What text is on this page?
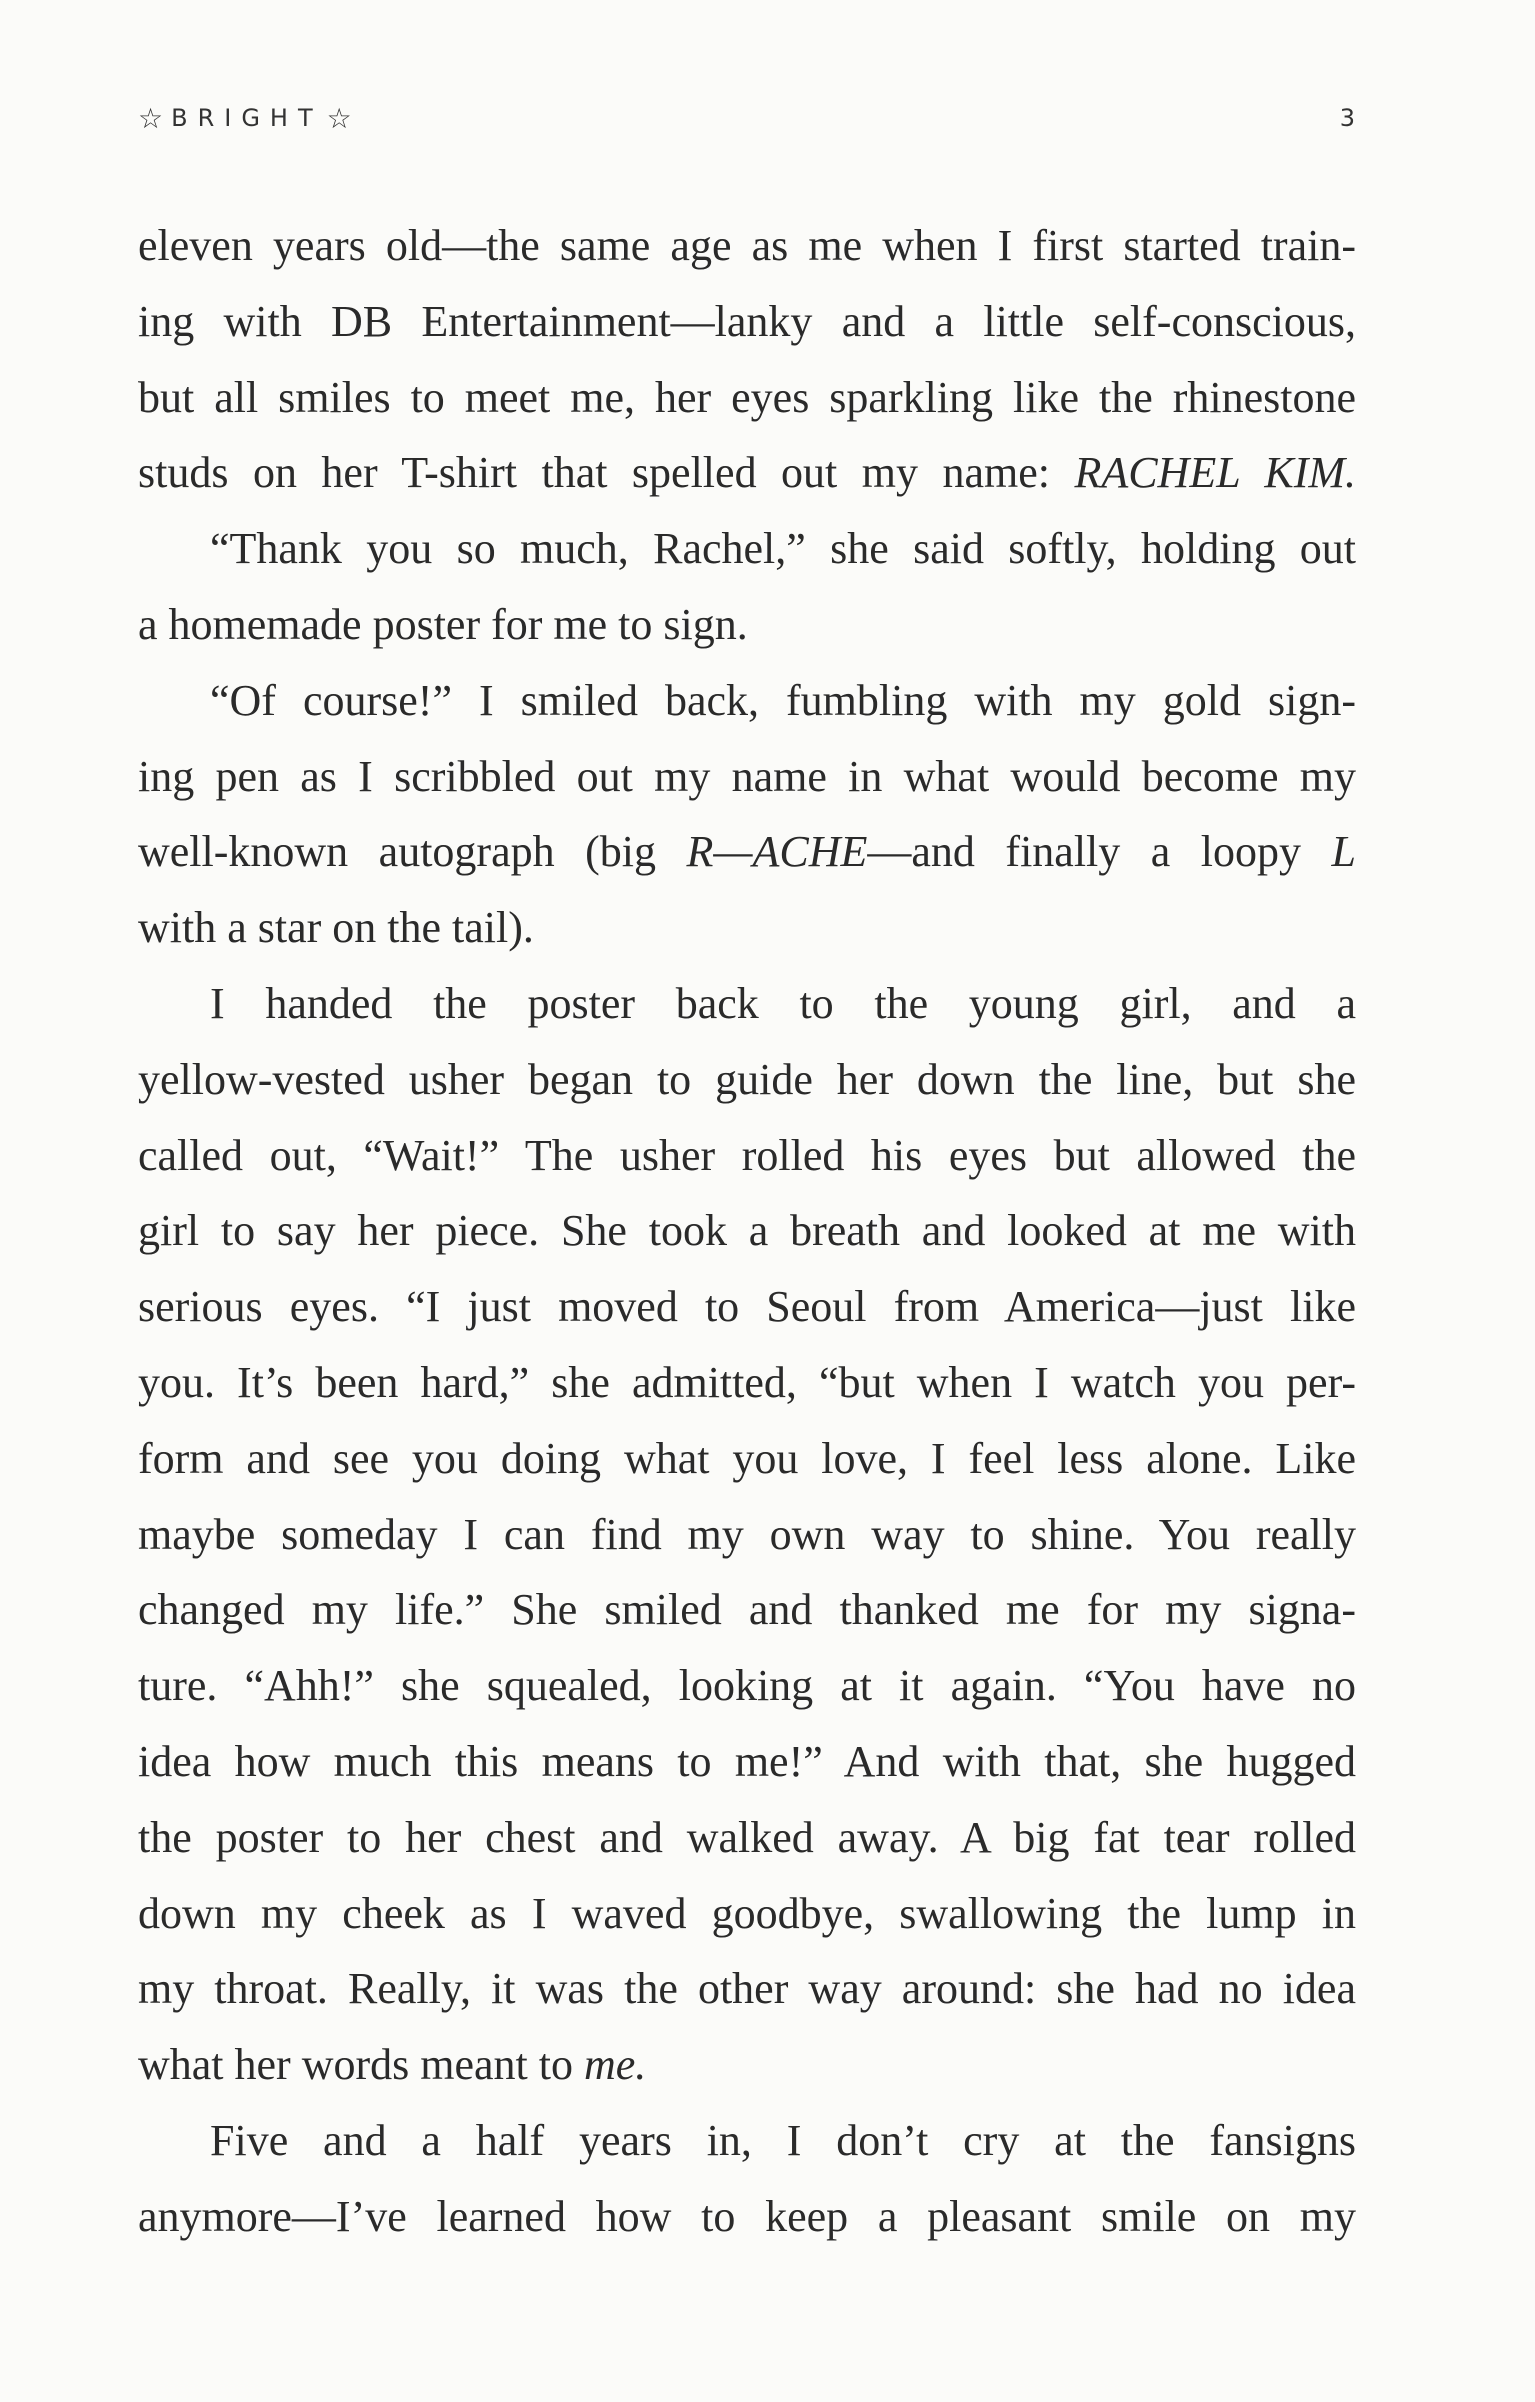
☆ BRIGHT ☆	3
eleven years old—the same age as me when I first started train-
ing with DB Entertainment—lanky and a little self-conscious,
but all smiles to meet me, her eyes sparkling like the rhinestone
studs on her T-shirt that spelled out my name: RACHEL KIM.
“Thank you so much, Rachel,” she said softly, holding out
a homemade poster for me to sign.
“Of course!” I smiled back, fumbling with my gold sign-
ing pen as I scribbled out my name in what would become my
well-known autograph (big R—ACHE—and finally a loopy L
with a star on the tail).
I handed the poster back to the young girl, and a
yellow-vested usher began to guide her down the line, but she
called out, “Wait!” The usher rolled his eyes but allowed the
girl to say her piece. She took a breath and looked at me with
serious eyes. “I just moved to Seoul from America—just like
you. It’s been hard,” she admitted, “but when I watch you per-
form and see you doing what you love, I feel less alone. Like
maybe someday I can find my own way to shine. You really
changed my life.” She smiled and thanked me for my signa-
ture. “Ahh!” she squealed, looking at it again. “You have no
idea how much this means to me!” And with that, she hugged
the poster to her chest and walked away. A big fat tear rolled
down my cheek as I waved goodbye, swallowing the lump in
my throat. Really, it was the other way around: she had no idea
what her words meant to me.
Five and a half years in, I don’t cry at the fansigns
anymore—I’ve learned how to keep a pleasant smile on my
